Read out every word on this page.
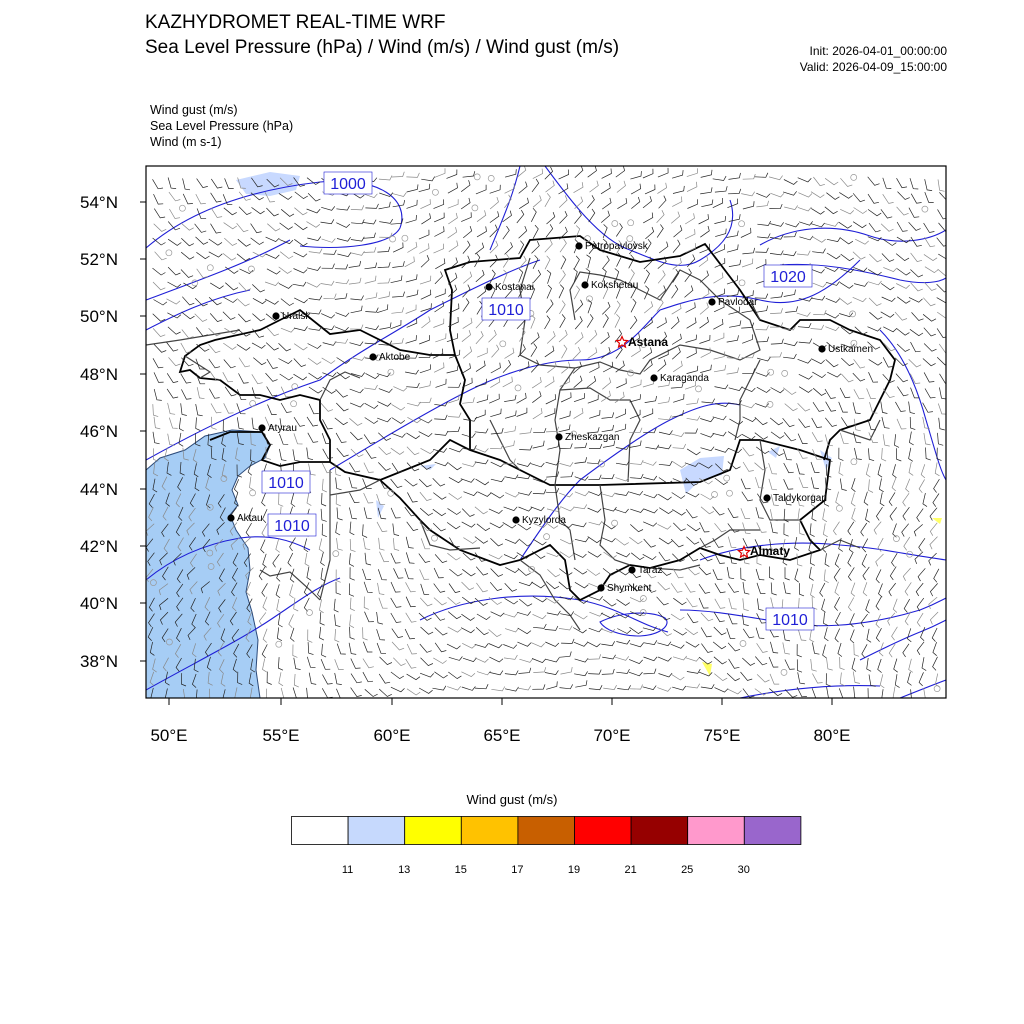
KAZHYDROMET REAL-TIME WRF
Sea Level Pressure (hPa) / Wind (m/s) / Wind gust (m/s)	Init: 2026-04-01_00:00:00
Valid: 2026-04-09_15:00:00
Wind gust (m/s)
Sea Level Pressure (hPa)
Wind (m s-1)
54°N
52°N
50°N
48°N
46°N
44°N
42°N
40°N
38°N
50°E	55°E	60°E	65°E	70°E	75°E	80°E
1000
1010
1020
1010
1010
1010
Petropavlovsk
Kostanai	Kokshetau
Pavlodar
Uralsk
Aktobe
Astana
Ustkamen
Karaganda
Atyrau
Zheskazgan
Taldykorgan
Aktau	Kyzylorda
Almaty
Taraz
Shymkent
Wind gust (m/s)
11	13	15	17	19	21	25	30
